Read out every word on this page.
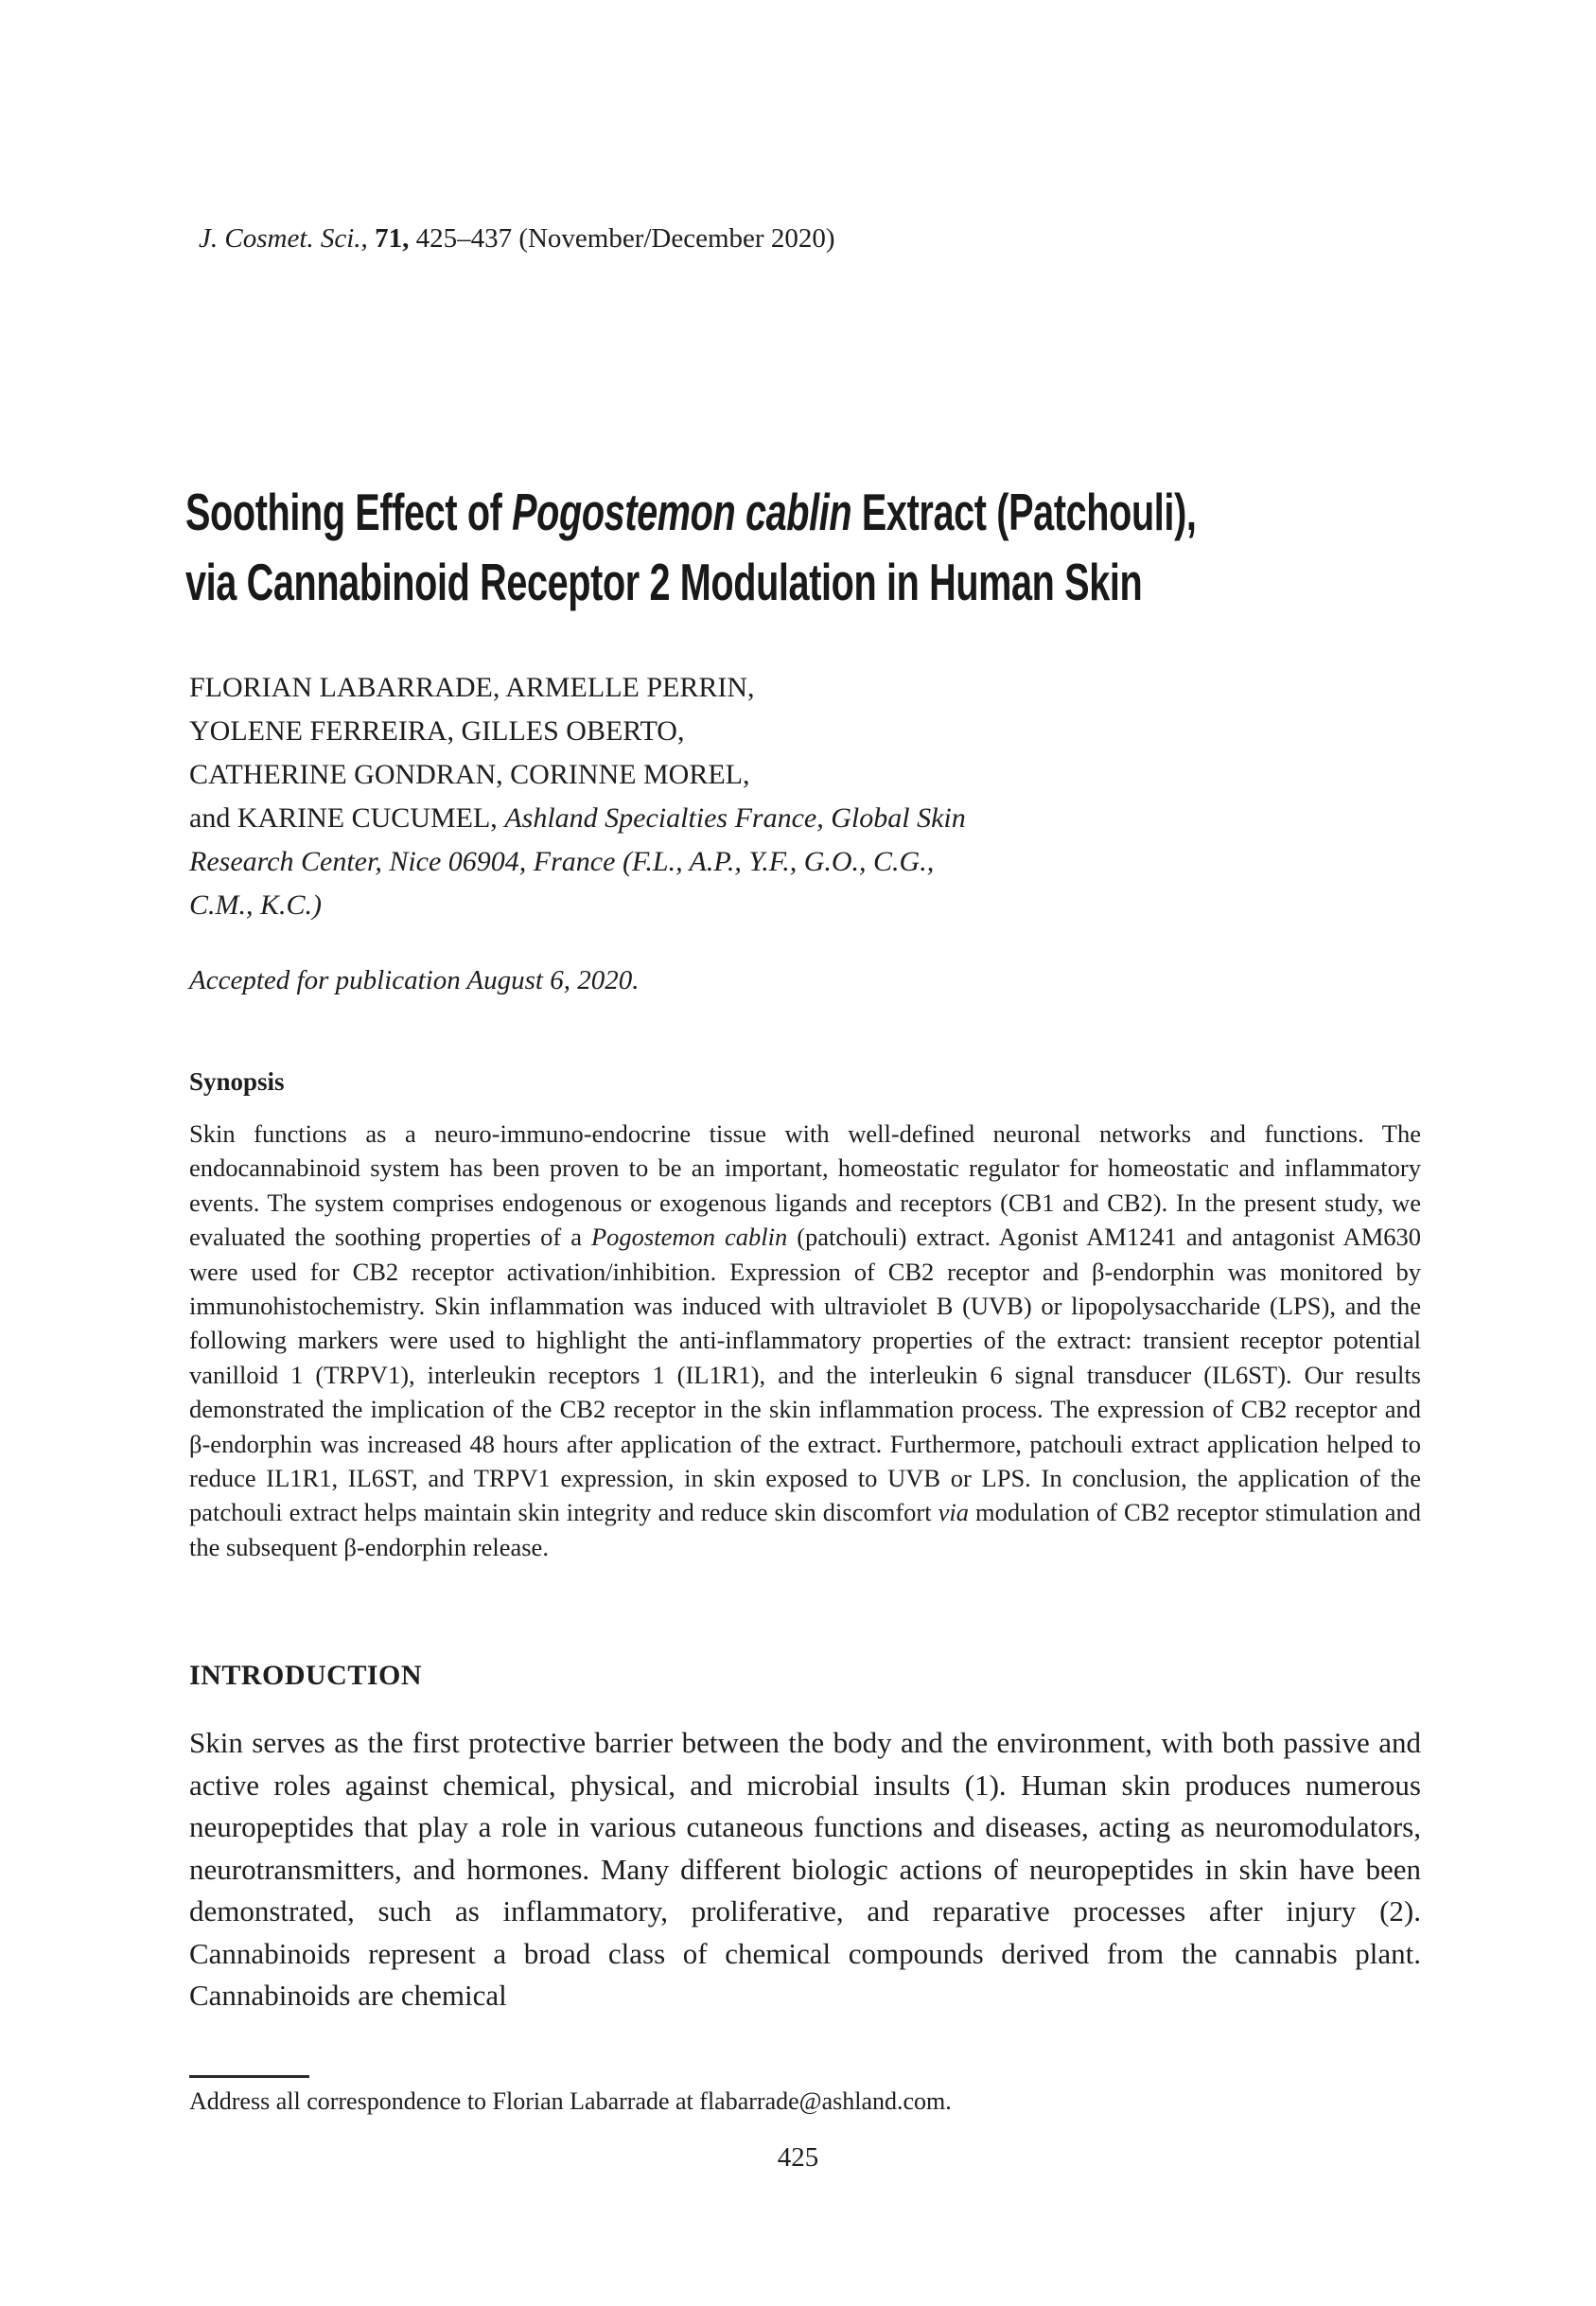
J. Cosmet. Sci., 71, 425–437 (November/December 2020)
Soothing Effect of Pogostemon cablin Extract (Patchouli),
via Cannabinoid Receptor 2 Modulation in Human Skin
FLORIAN LABARRADE, ARMELLE PERRIN,
YOLENE FERREIRA, GILLES OBERTO,
CATHERINE GONDRAN, CORINNE MOREL,
and KARINE CUCUMEL, Ashland Specialties France, Global Skin
Research Center, Nice 06904, France (F.L., A.P., Y.F., G.O., C.G.,
C.M., K.C.)
Accepted for publication August 6, 2020.
Synopsis
Skin functions as a neuro-immuno-endocrine tissue with well-defined neuronal networks and functions. The endocannabinoid system has been proven to be an important, homeostatic regulator for homeostatic and inflammatory events. The system comprises endogenous or exogenous ligands and receptors (CB1 and CB2). In the present study, we evaluated the soothing properties of a Pogostemon cablin (patchouli) extract. Agonist AM1241 and antagonist AM630 were used for CB2 receptor activation/inhibition. Expression of CB2 receptor and β-endorphin was monitored by immunohistochemistry. Skin inflammation was induced with ultraviolet B (UVB) or lipopolysaccharide (LPS), and the following markers were used to highlight the anti-inflammatory properties of the extract: transient receptor potential vanilloid 1 (TRPV1), interleukin receptors 1 (IL1R1), and the interleukin 6 signal transducer (IL6ST). Our results demonstrated the implication of the CB2 receptor in the skin inflammation process. The expression of CB2 receptor and β-endorphin was increased 48 hours after application of the extract. Furthermore, patchouli extract application helped to reduce IL1R1, IL6ST, and TRPV1 expression, in skin exposed to UVB or LPS. In conclusion, the application of the patchouli extract helps maintain skin integrity and reduce skin discomfort via modulation of CB2 receptor stimulation and the subsequent β-endorphin release.
INTRODUCTION
Skin serves as the first protective barrier between the body and the environment, with both passive and active roles against chemical, physical, and microbial insults (1). Human skin produces numerous neuropeptides that play a role in various cutaneous functions and diseases, acting as neuromodulators, neurotransmitters, and hormones. Many different biologic actions of neuropeptides in skin have been demonstrated, such as inflammatory, proliferative, and reparative processes after injury (2). Cannabinoids represent a broad class of chemical compounds derived from the cannabis plant. Cannabinoids are chemical
Address all correspondence to Florian Labarrade at flabarrade@ashland.com.
425
